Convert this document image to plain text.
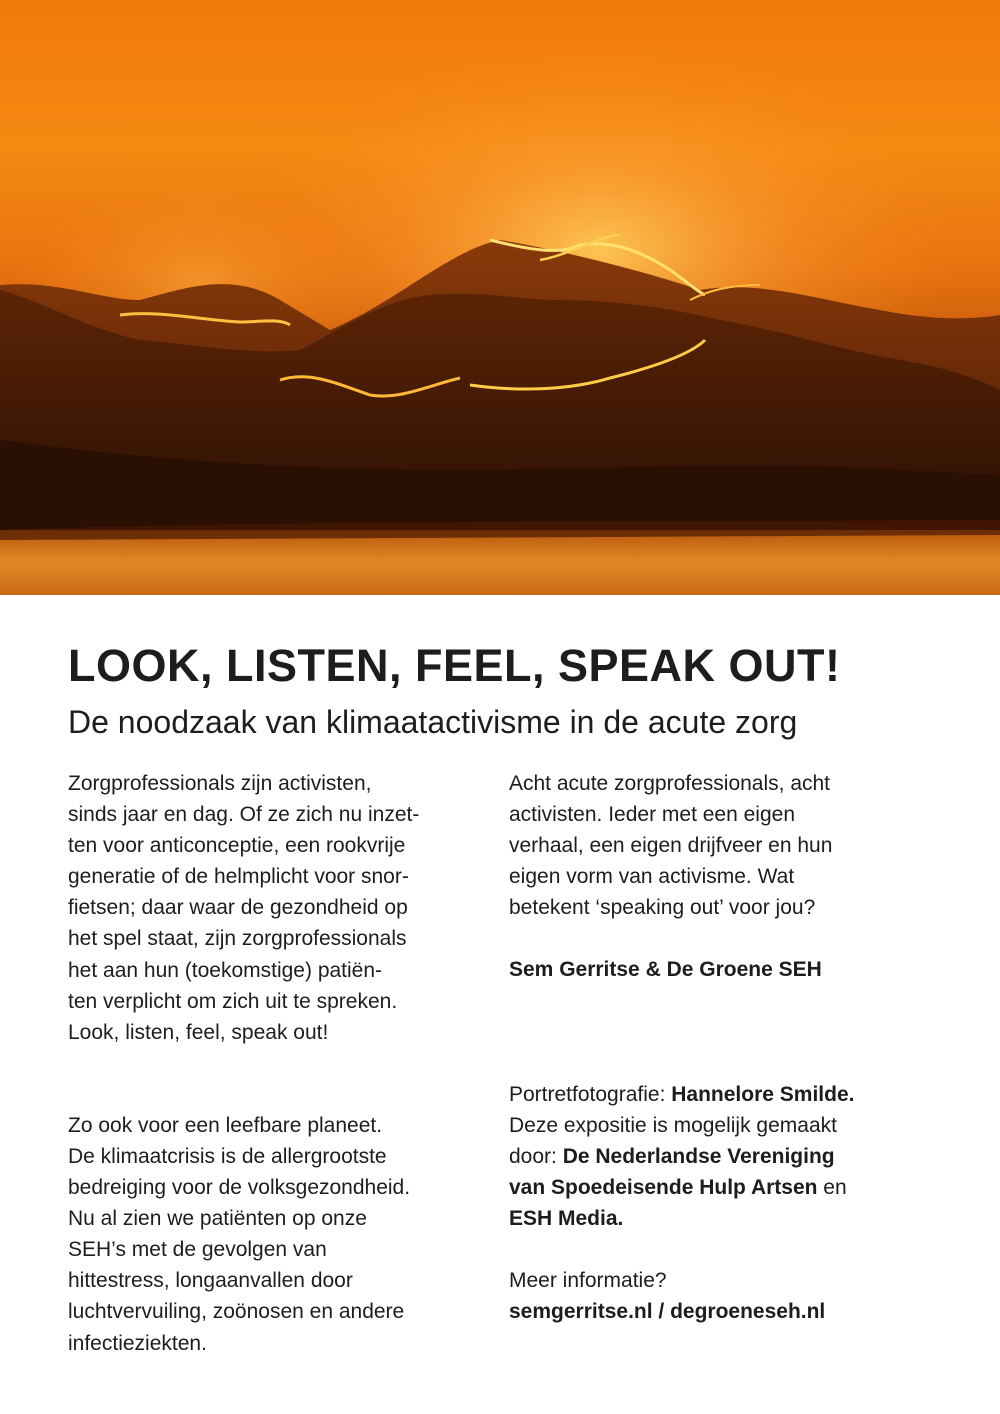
LOOK, LISTEN, FEEL, SPEAK OUT!
De noodzaak van klimaatactivisme in de acute zorg

Zorgprofessionals zijn activisten,
sinds jaar en dag. Of ze zich nu inzet-
ten voor anticonceptie, een rookvrije
generatie of de helmplicht voor snor-
fietsen; daar waar de gezondheid op
het spel staat, zijn zorgprofessionals
het aan hun (toekomstige) patiën-
ten verplicht om zich uit te spreken.
Look, listen, feel, speak out!

Zo ook voor een leefbare planeet.
De klimaatcrisis is de allergrootste
bedreiging voor de volksgezondheid.
Nu al zien we patiënten op onze
SEH’s met de gevolgen van
hittestress, longaanvallen door
luchtvervuiling, zoönosen en andere
infectieziekten.

Acht acute zorgprofessionals, acht
activisten. Ieder met een eigen
verhaal, een eigen drijfveer en hun
eigen vorm van activisme. Wat
betekent ‘speaking out’ voor jou?

Sem Gerritse & De Groene SEH

Portretfotografie: Hannelore Smilde.
Deze expositie is mogelijk gemaakt
door: De Nederlandse Vereniging
van Spoedeisende Hulp Artsen en
ESH Media.

Meer informatie?
semgerritse.nl / degroeneseh.nl
